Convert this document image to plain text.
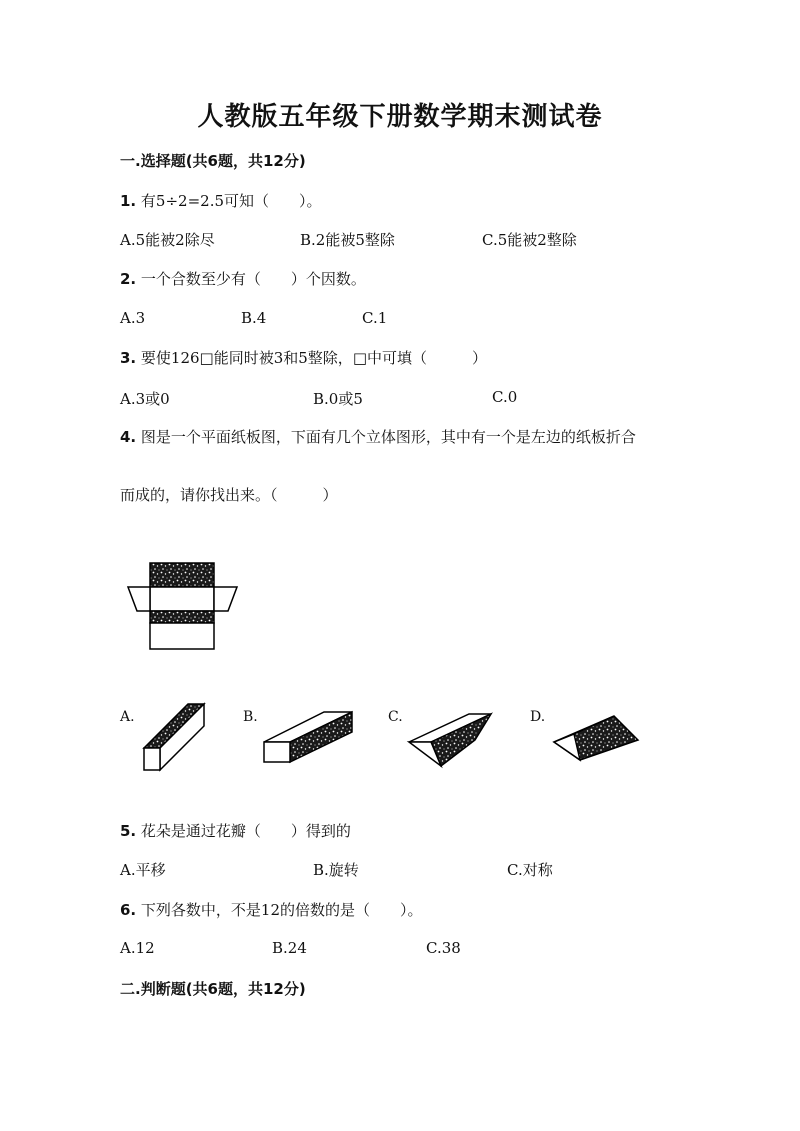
人教版五年级下册数学期末测试卷
一.选择题(共6题，共12分)
1. 有5÷2=2.5可知（　　）。
A.5能被2除尽	B.2能被5整除	C.5能被2整除
2. 一个合数至少有（　　）个因数。
A.3	B.4	C.1
3. 要使126□能同时被3和5整除，□中可填（　　　）
A.3或0	B.0或5	C.0
4. 图是一个平面纸板图，下面有几个立体图形，其中有一个是左边的纸板折合
而成的，请你找出来。（　　　）
A.	B.	C.	D.
5. 花朵是通过花瓣（　　）得到的
A.平移	B.旋转	C.对称
6. 下列各数中，不是12的倍数的是（　　）。
A.12	B.24	C.38
二.判断题(共6题，共12分)
